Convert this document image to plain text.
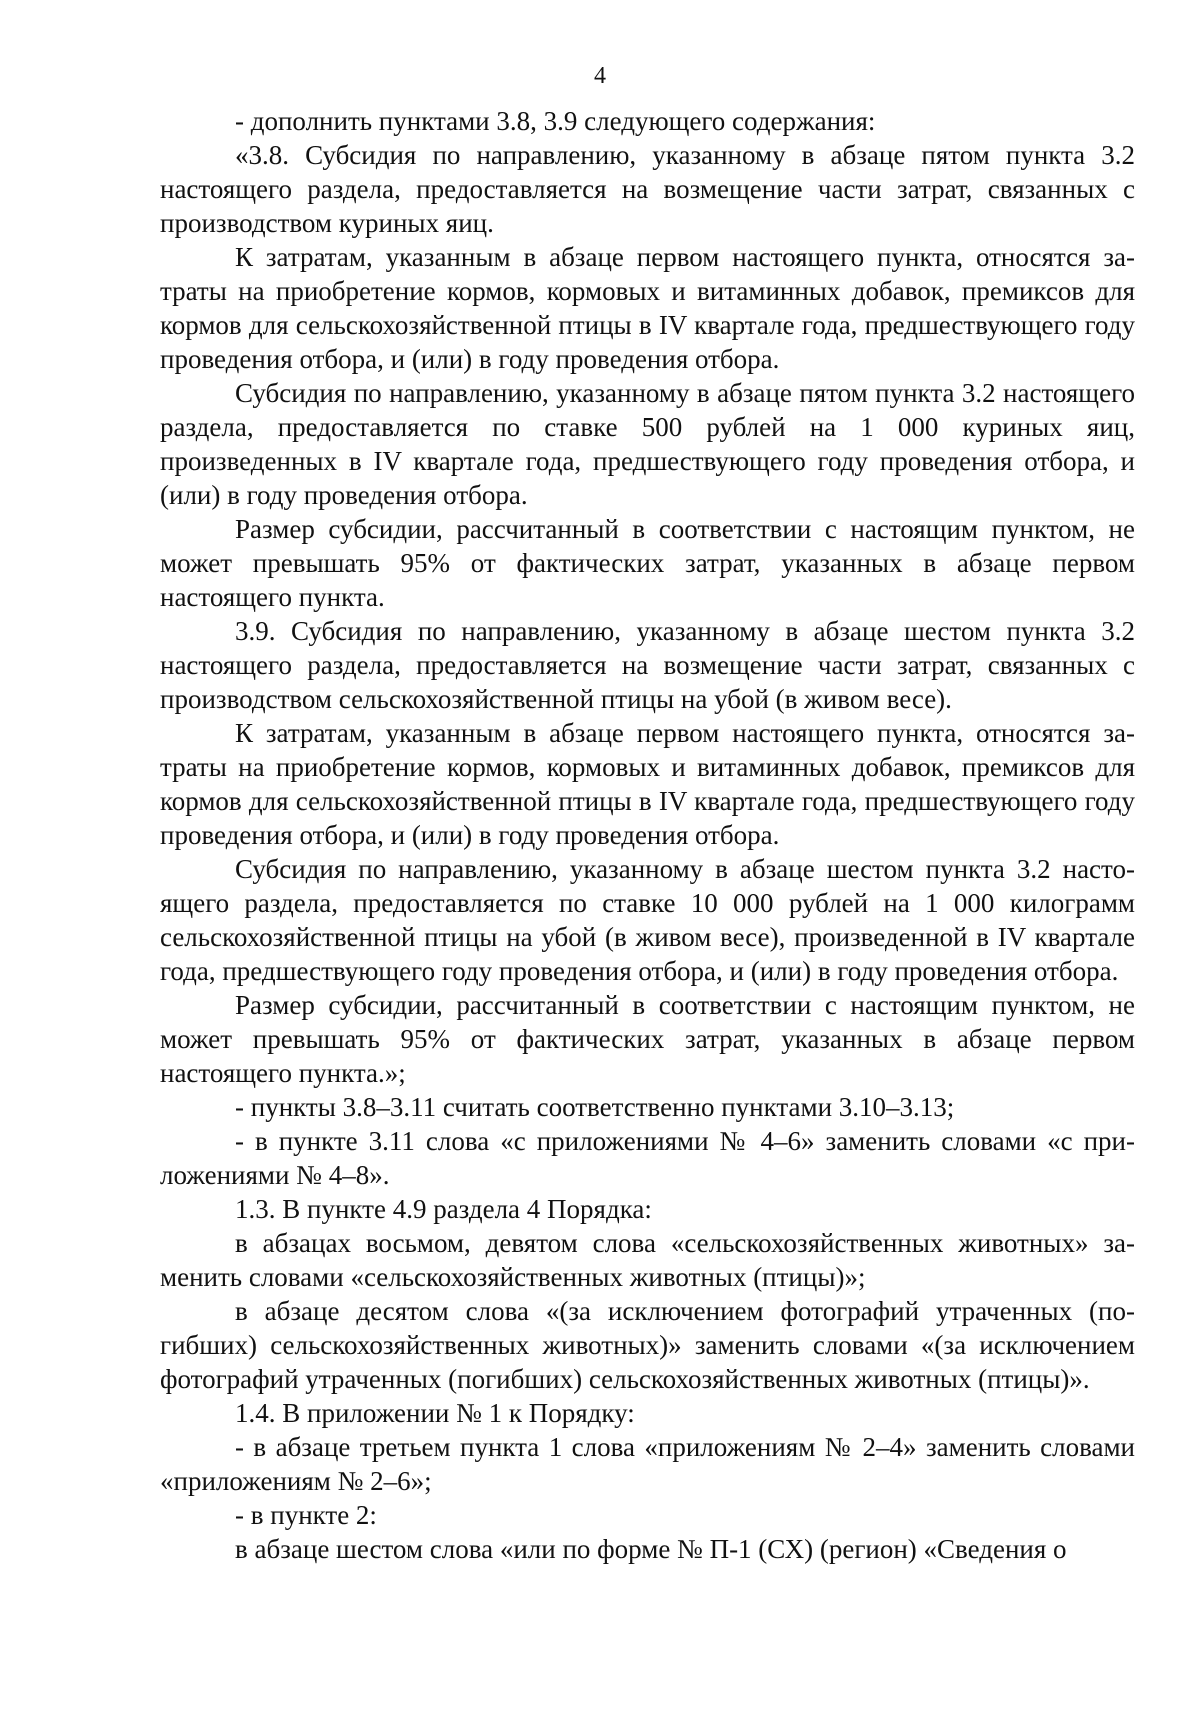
4

- дополнить пунктами 3.8, 3.9 следующего содержания:

«3.8. Субсидия по направлению, указанному в абзаце пятом пункта 3.2 настоящего раздела, предоставляется на возмещение части затрат, связанных с производством куриных яиц.

К затратам, указанным в абзаце первом настоящего пункта, относятся затраты на приобретение кормов, кормовых и витаминных добавок, премиксов для кормов для сельскохозяйственной птицы в IV квартале года, предшествующего году проведения отбора, и (или) в году проведения отбора.

Субсидия по направлению, указанному в абзаце пятом пункта 3.2 настоящего раздела, предоставляется по ставке 500 рублей на 1 000 куриных яиц, произведенных в IV квартале года, предшествующего году проведения отбора, и (или) в году проведения отбора.

Размер субсидии, рассчитанный в соответствии с настоящим пунктом, не может превышать 95% от фактических затрат, указанных в абзаце первом настоящего пункта.

3.9. Субсидия по направлению, указанному в абзаце шестом пункта 3.2 настоящего раздела, предоставляется на возмещение части затрат, связанных с производством сельскохозяйственной птицы на убой (в живом весе).

К затратам, указанным в абзаце первом настоящего пункта, относятся затраты на приобретение кормов, кормовых и витаминных добавок, премиксов для кормов для сельскохозяйственной птицы в IV квартале года, предшествующего году проведения отбора, и (или) в году проведения отбора.

Субсидия по направлению, указанному в абзаце шестом пункта 3.2 настоящего раздела, предоставляется по ставке 10 000 рублей на 1 000 килограмм сельскохозяйственной птицы на убой (в живом весе), произведенной в IV квартале года, предшествующего году проведения отбора, и (или) в году проведения отбора.

Размер субсидии, рассчитанный в соответствии с настоящим пунктом, не может превышать 95% от фактических затрат, указанных в абзаце первом настоящего пункта.»;

- пункты 3.8–3.11 считать соответственно пунктами 3.10–3.13;

- в пункте 3.11 слова «с приложениями № 4–6» заменить словами «с приложениями № 4–8».

1.3. В пункте 4.9 раздела 4 Порядка:

в абзацах восьмом, девятом слова «сельскохозяйственных животных» заменить словами «сельскохозяйственных животных (птицы)»;

в абзаце десятом слова «(за исключением фотографий утраченных (погибших) сельскохозяйственных животных)» заменить словами «(за исключением фотографий утраченных (погибших) сельскохозяйственных животных (птицы)».

1.4. В приложении № 1 к Порядку:

- в абзаце третьем пункта 1 слова «приложениям № 2–4» заменить словами «приложениям № 2–6»;

- в пункте 2:

в абзаце шестом слова «или по форме № П-1 (СХ) (регион) «Сведения о
